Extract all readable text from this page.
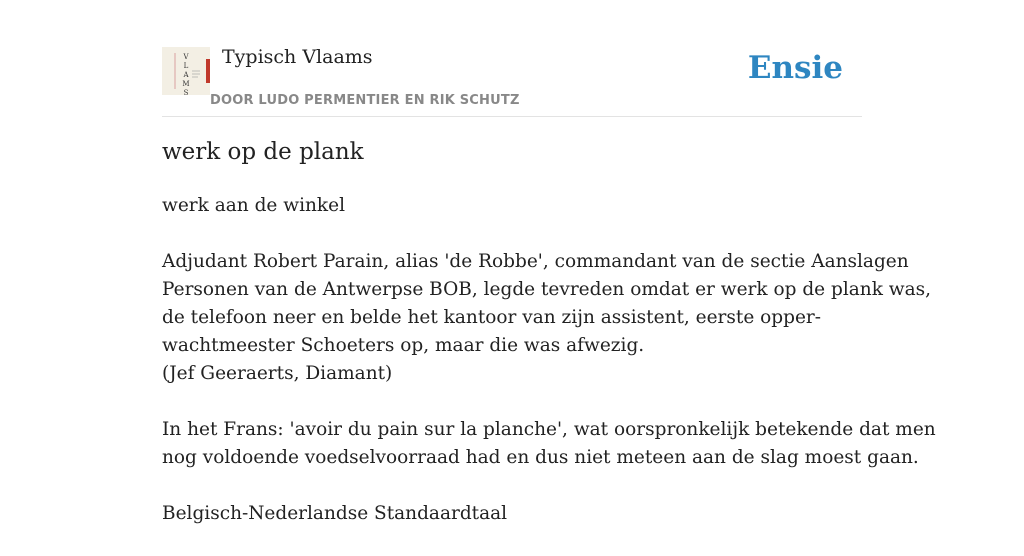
V
L
A
M
S
Typisch Vlaams
DOOR LUDO PERMENTIER EN RIK SCHUTZ
Ensie
werk op de plank

werk aan de winkel

Adjudant Robert Parain, alias 'de Robbe', commandant van de sectie Aanslagen
Personen van de Antwerpse BOB, legde tevreden omdat er werk op de plank was,
de telefoon neer en belde het kantoor van zijn assistent, eerste opper-
wachtmeester Schoeters op, maar die was afwezig.
(Jef Geeraerts, Diamant)

In het Frans: 'avoir du pain sur la planche', wat oorspronkelijk betekende dat men
nog voldoende voedselvoorraad had en dus niet meteen aan de slag moest gaan.

Belgisch-Nederlandse Standaardtaal
